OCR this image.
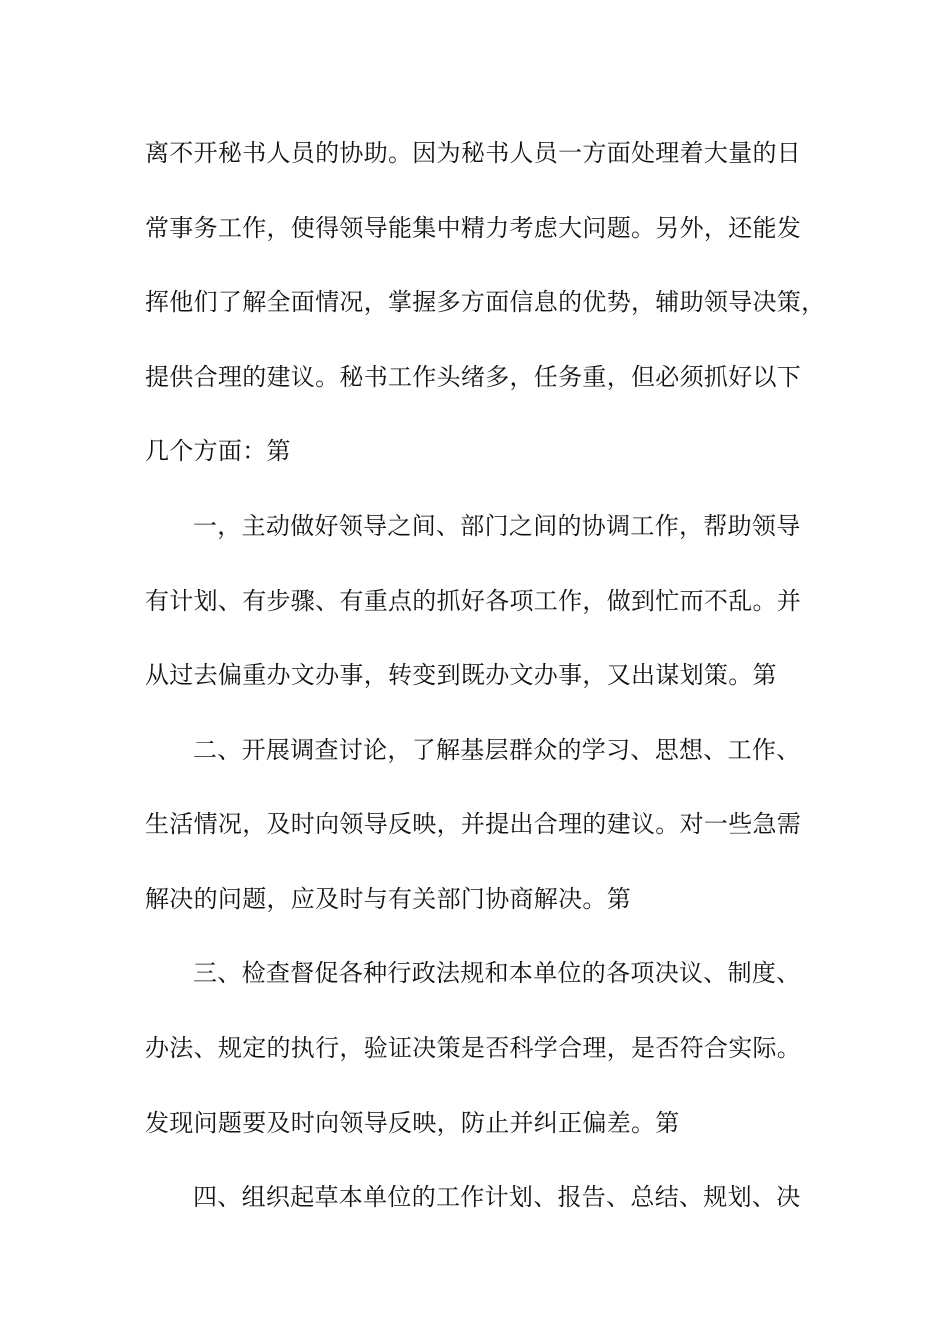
离不开秘书人员的协助。因为秘书人员一方面处理着大量的日
常事务工作，使得领导能集中精力考虑大问题。另外，还能发
挥他们了解全面情况，掌握多方面信息的优势，辅助领导决策，
提供合理的建议。秘书工作头绪多，任务重，但必须抓好以下
几个方面：第
一，主动做好领导之间、部门之间的协调工作，帮助领导
有计划、有步骤、有重点的抓好各项工作，做到忙而不乱。并
从过去偏重办文办事，转变到既办文办事，又出谋划策。第
二、开展调查讨论，了解基层群众的学习、思想、工作、
生活情况，及时向领导反映，并提出合理的建议。对一些急需
解决的问题，应及时与有关部门协商解决。第
三、检查督促各种行政法规和本单位的各项决议、制度、
办法、规定的执行，验证决策是否科学合理，是否符合实际。
发现问题要及时向领导反映，防止并纠正偏差。第
四、组织起草本单位的工作计划、报告、总结、规划、决
